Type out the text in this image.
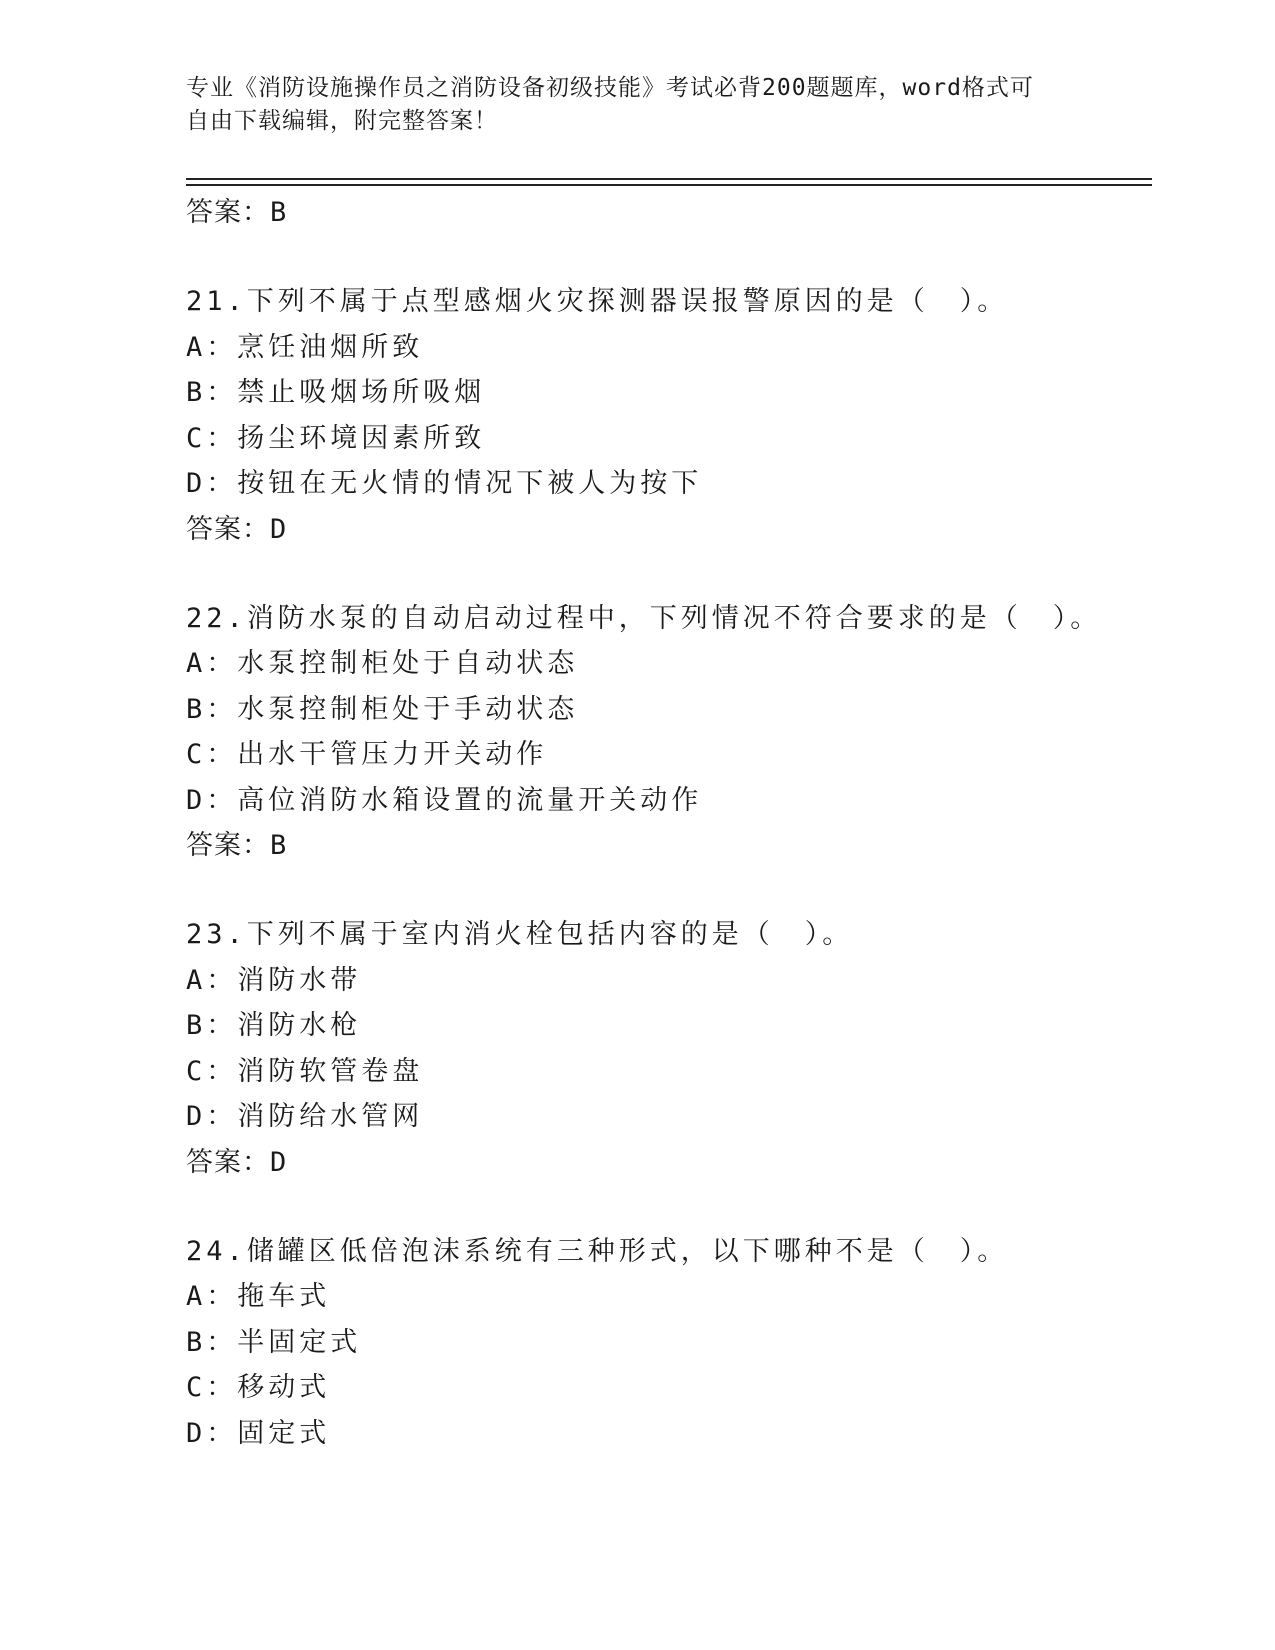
专业《消防设施操作员之消防设备初级技能》考试必背200题题库，word格式可
自由下载编辑，附完整答案！
答案：B
21.下列不属于点型感烟火灾探测器误报警原因的是（　）。
A：烹饪油烟所致
B：禁止吸烟场所吸烟
C：扬尘环境因素所致
D：按钮在无火情的情况下被人为按下
答案：D
22.消防水泵的自动启动过程中，下列情况不符合要求的是（　）。
A：水泵控制柜处于自动状态
B：水泵控制柜处于手动状态
C：出水干管压力开关动作
D：高位消防水箱设置的流量开关动作
答案：B
23.下列不属于室内消火栓包括内容的是（　）。
A：消防水带
B：消防水枪
C：消防软管卷盘
D：消防给水管网
答案：D
24.储罐区低倍泡沫系统有三种形式，以下哪种不是（　）。
A：拖车式
B：半固定式
C：移动式
D：固定式
